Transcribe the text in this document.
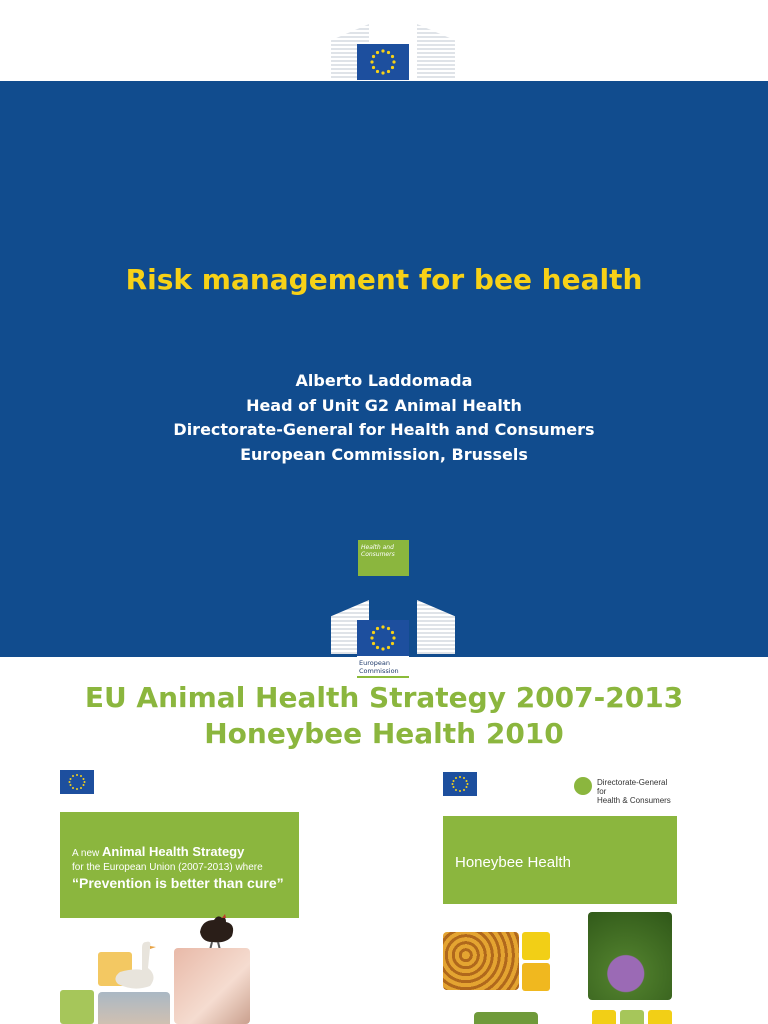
Risk management for bee health
Alberto Laddomada
Head of Unit G2 Animal Health
Directorate-General for Health and Consumers
European Commission, Brussels
Health and
Consumers
European
Commission
EU Animal Health Strategy 2007-2013
Honeybee Health 2010
A new Animal Health Strategy
for the European Union (2007-2013) where
“Prevention is better than cure”
Directorate-General for
Health & Consumers
Honeybee Health
